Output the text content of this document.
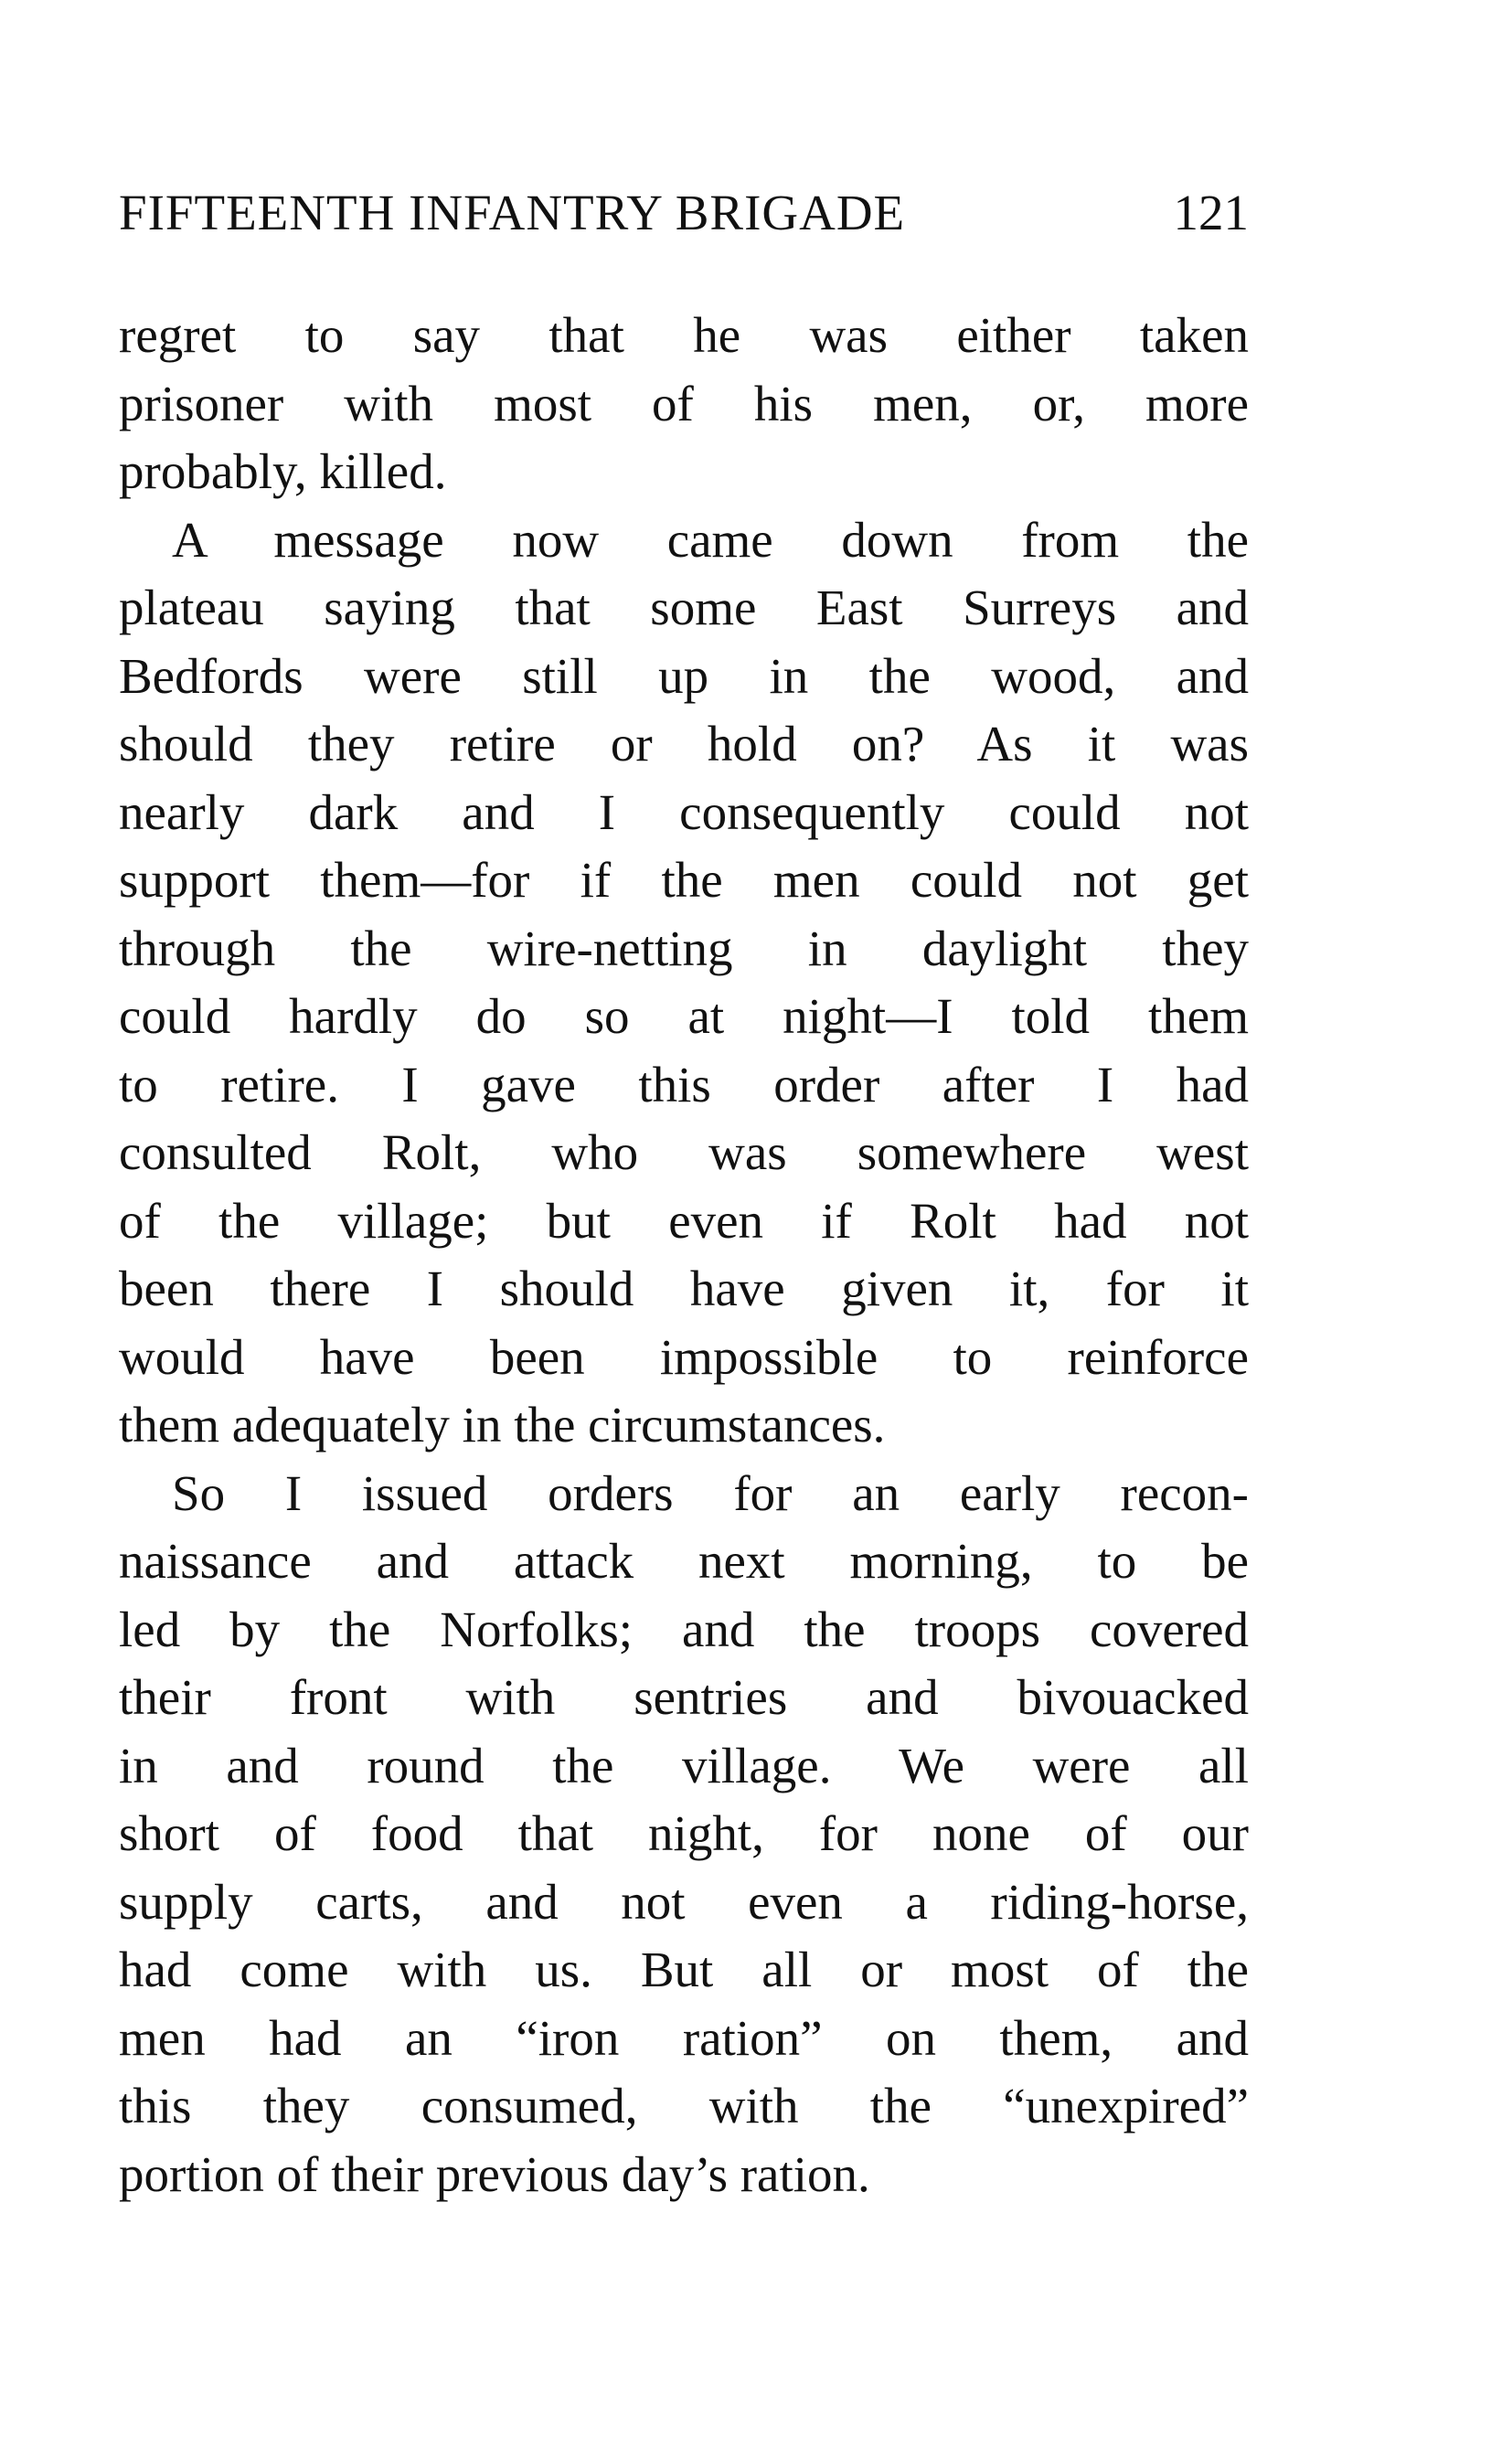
FIFTEENTH INFANTRY BRIGADE	121
regret to say that he was either taken
prisoner with most of his men, or, more
probably, killed.
A message now came down from the
plateau saying that some East Surreys and
Bedfords were still up in the wood, and
should they retire or hold on? As it was
nearly dark and I consequently could not
support them—for if the men could not get
through the wire-netting in daylight they
could hardly do so at night—I told them
to retire. I gave this order after I had
consulted Rolt, who was somewhere west
of the village; but even if Rolt had not
been there I should have given it, for it
would have been impossible to reinforce
them adequately in the circumstances.
So I issued orders for an early recon-
naissance and attack next morning, to be
led by the Norfolks; and the troops covered
their front with sentries and bivouacked
in and round the village. We were all
short of food that night, for none of our
supply carts, and not even a riding-horse,
had come with us. But all or most of the
men had an “iron ration” on them, and
this they consumed, with the “unexpired”
portion of their previous day’s ration.
